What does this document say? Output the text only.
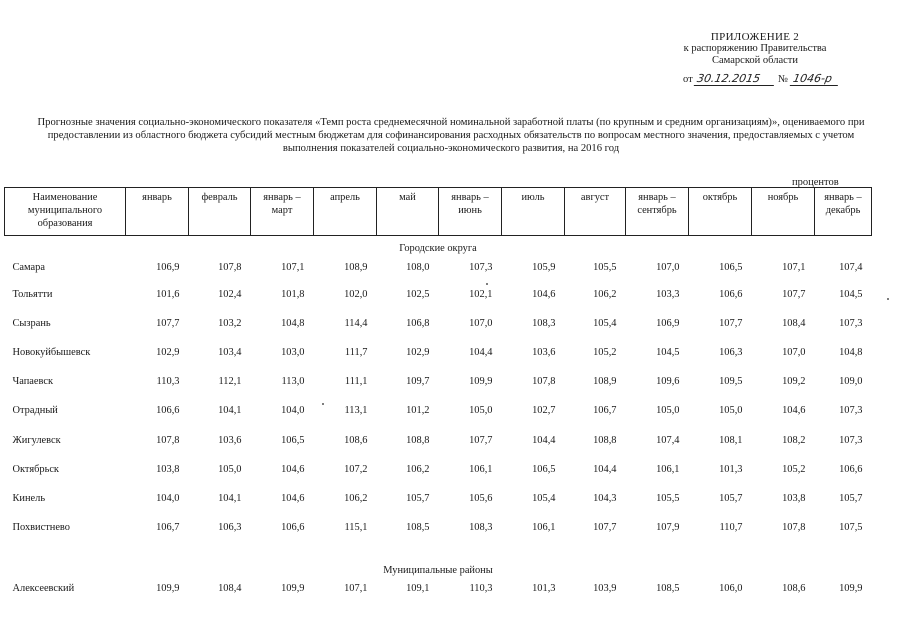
ПРИЛОЖЕНИЕ 2
к распоряжению Правительства
Самарской области
от 30.12.2015 № 1046-р
Прогнозные значения социально-экономического показателя «Темп роста среднемесячной номинальной заработной платы (по крупным и средним организациям)», оцениваемого при
предоставлении из областного бюджета субсидий местным бюджетам для софинансирования расходных обязательств по вопросам местного значения, предоставляемых с учетом
выполнения показателей социально-экономического развития, на 2016 год
процентов
Наименование муниципального образования	январь	февраль	январь – март	апрель	май	январь – июнь	июль	август	январь – сентябрь	октябрь	ноябрь	январь – декабрь
Городские округа												
Самара	106,9	107,8	107,1	108,9	108,0	107,3	105,9	105,5	107,0	106,5	107,1	107,4
Тольятти	101,6	102,4	101,8	102,0	102,5	102,1	104,6	106,2	103,3	106,6	107,7	104,5
Сызрань	107,7	103,2	104,8	114,4	106,8	107,0	108,3	105,4	106,9	107,7	108,4	107,3
Новокуйбышевск	102,9	103,4	103,0	111,7	102,9	104,4	103,6	105,2	104,5	106,3	107,0	104,8
Чапаевск	110,3	112,1	113,0	111,1	109,7	109,9	107,8	108,9	109,6	109,5	109,2	109,0
Отрадный	106,6	104,1	104,0	113,1	101,2	105,0	102,7	106,7	105,0	105,0	104,6	107,3
Жигулевск	107,8	103,6	106,5	108,6	108,8	107,7	104,4	108,8	107,4	108,1	108,2	107,3
Октябрьск	103,8	105,0	104,6	107,2	106,2	106,1	106,5	104,4	106,1	101,3	105,2	106,6
Кинель	104,0	104,1	104,6	106,2	105,7	105,6	105,4	104,3	105,5	105,7	103,8	105,7
Похвистнево	106,7	106,3	106,6	115,1	108,5	108,3	106,1	107,7	107,9	110,7	107,8	107,5
Муниципальные районы												
Алексеевский	109,9	108,4	109,9	107,1	109,1	110,3	101,3	103,9	108,5	106,0	108,6	109,9
